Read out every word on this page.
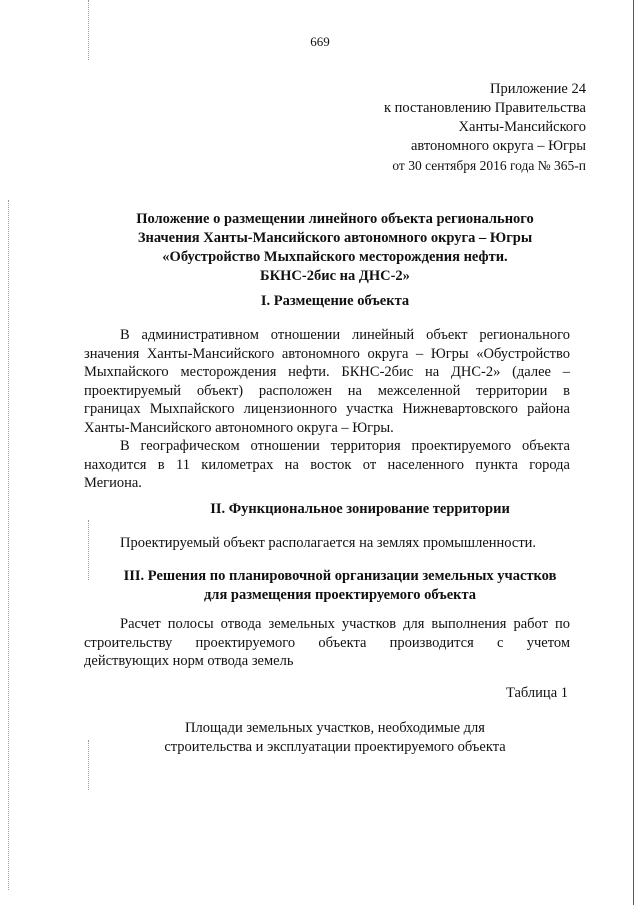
669
Приложение 24
к постановлению Правительства
Ханты-Мансийского
автономного округа – Югры
от 30 сентября 2016 года № 365-п
Положение о размещении линейного объекта регионального
Значения Ханты-Мансийского автономного округа – Югры
«Обустройство Мыхпайского месторождения нефти.
БКНС-2бис на ДНС-2»
I. Размещение объекта
В административном отношении линейный объект регионального
значения Ханты-Мансийского автономного округа – Югры «Обустройство
Мыхпайского месторождения нефти. БКНС-2бис на ДНС-2» (далее –
проектируемый объект) расположен на межселенной территории в
границах Мыхпайского лицензионного участка Нижневартовского района
Ханты-Мансийского автономного округа – Югры.
В географическом отношении территория проектируемого объекта
находится в 11 километрах на восток от населенного пункта города
Мегиона.
II. Функциональное зонирование территории
Проектируемый объект располагается на землях промышленности.
III. Решения по планировочной организации земельных участков
для размещения проектируемого объекта
Расчет полосы отвода земельных участков для выполнения работ по
строительству проектируемого объекта производится с учетом
действующих норм отвода земель
Таблица 1
Площади земельных участков, необходимые для
строительства и эксплуатации проектируемого объекта
